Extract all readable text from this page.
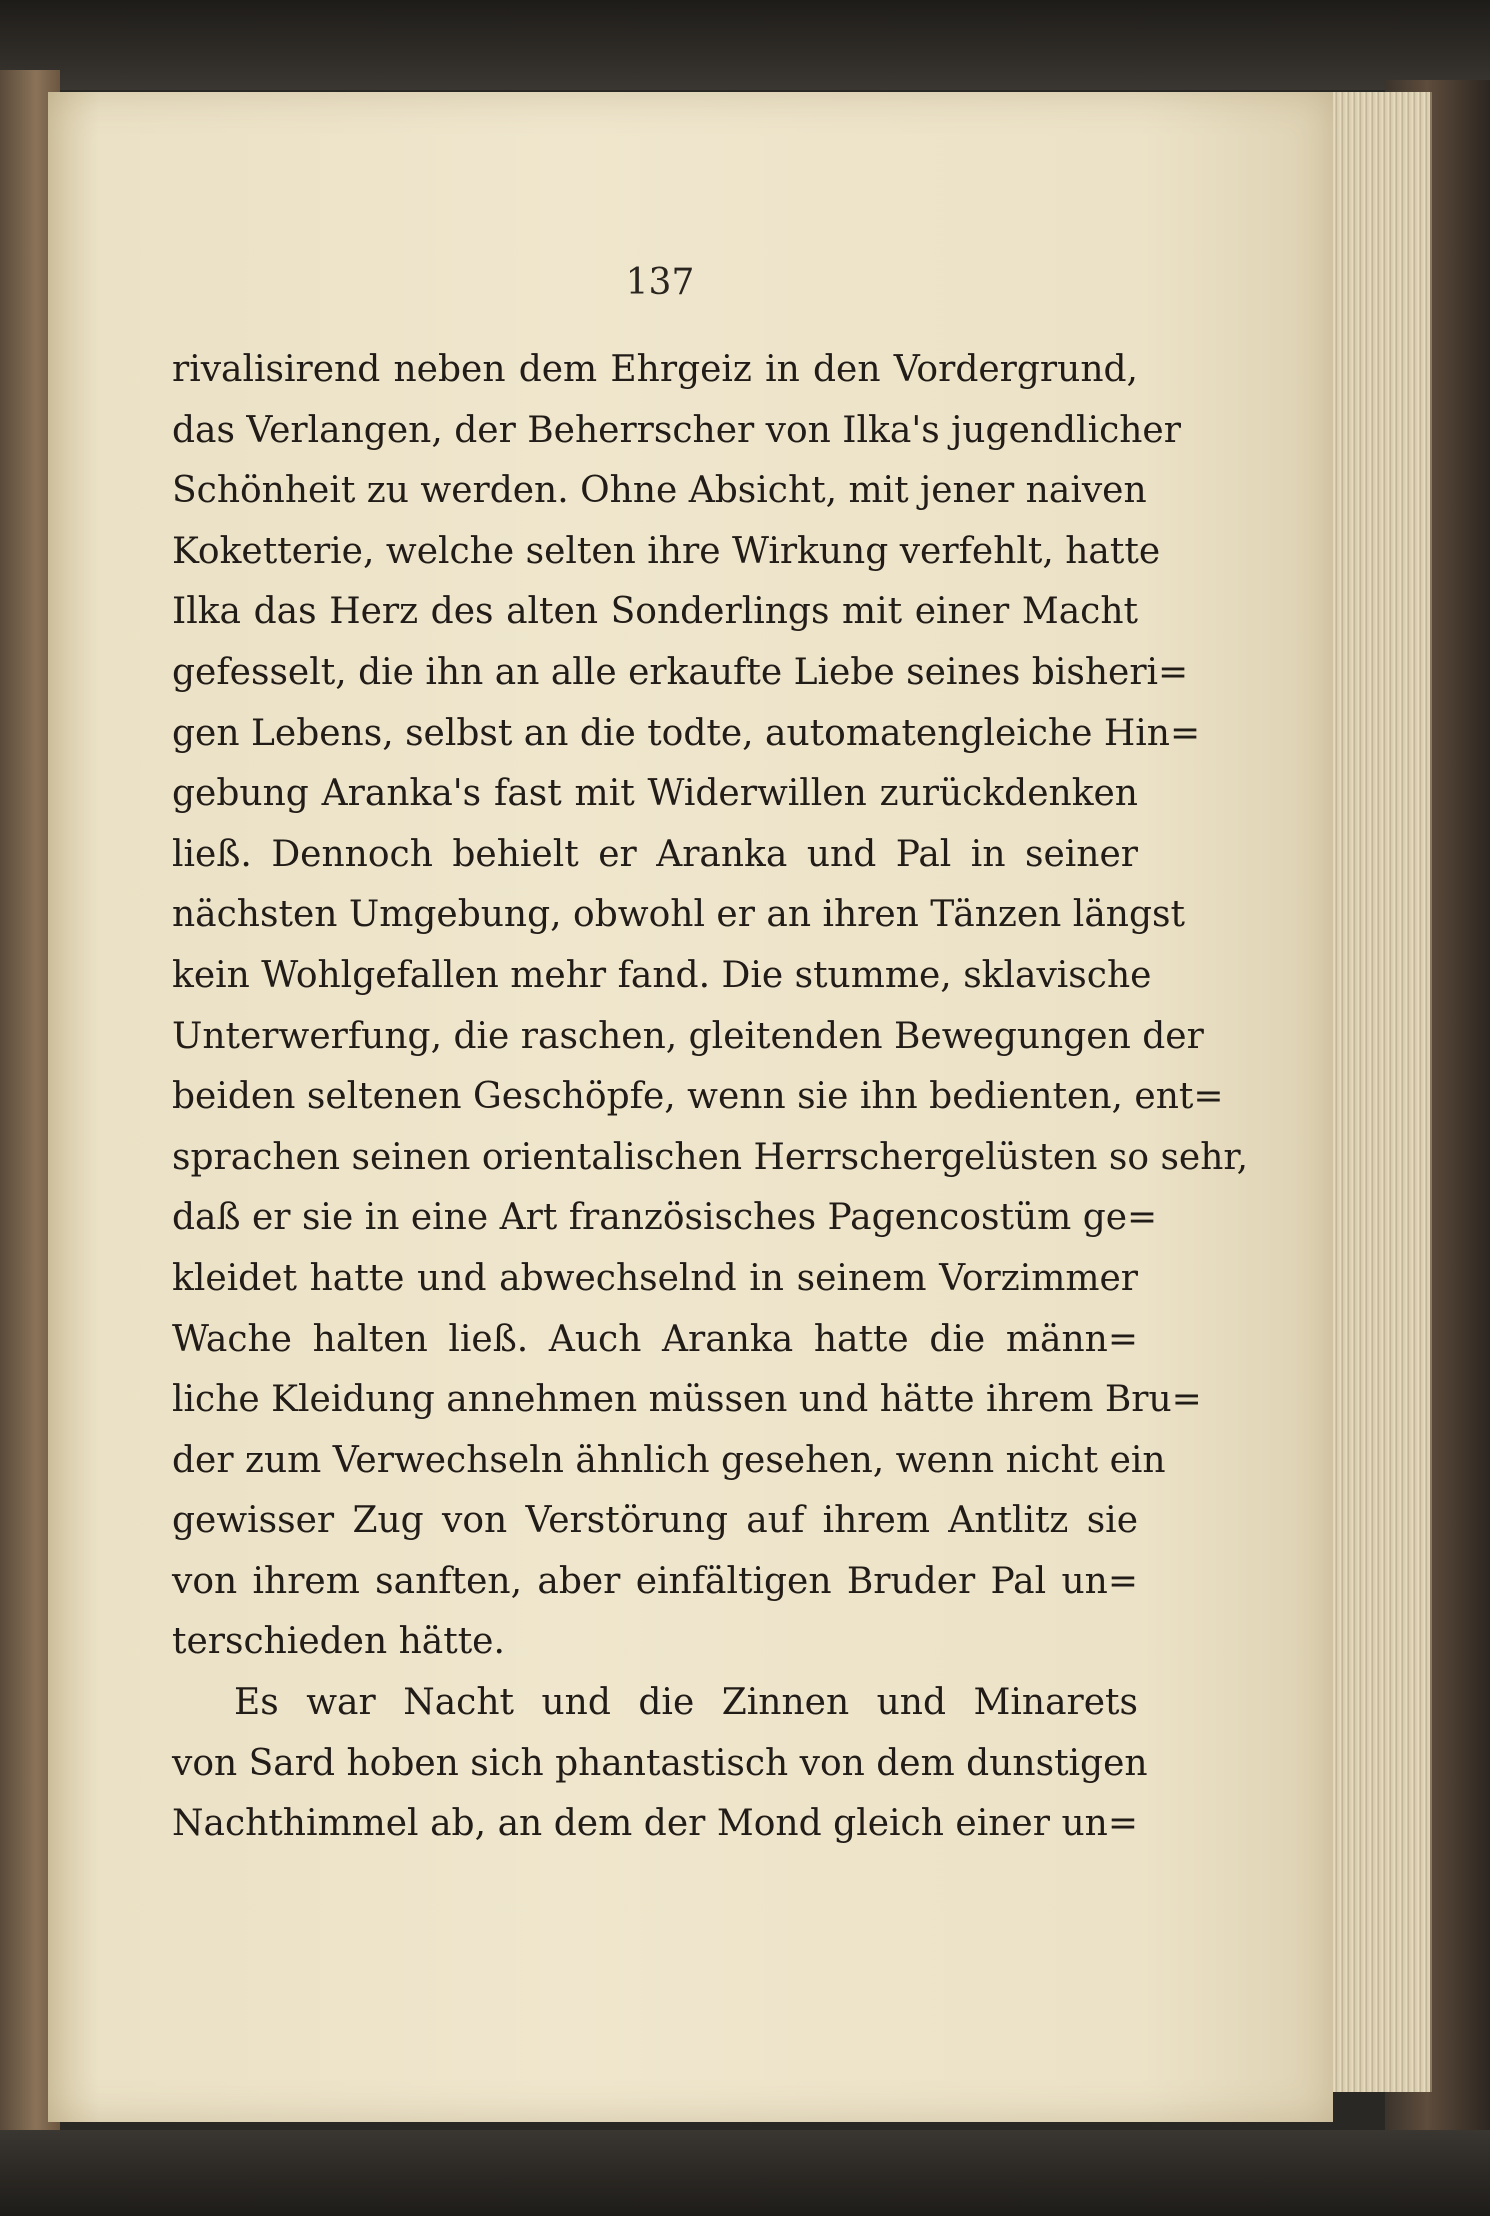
137
rivalisirend neben dem Ehrgeiz in den Vordergrund,
das Verlangen, der Beherrscher von Ilka's jugendlicher
Schönheit zu werden. Ohne Absicht, mit jener naiven
Koketterie, welche selten ihre Wirkung verfehlt, hatte
Ilka das Herz des alten Sonderlings mit einer Macht
gefesselt, die ihn an alle erkaufte Liebe seines bisheri=
gen Lebens, selbst an die todte, automatengleiche Hin=
gebung Aranka's fast mit Widerwillen zurückdenken
ließ. Dennoch behielt er Aranka und Pal in seiner
nächsten Umgebung, obwohl er an ihren Tänzen längst
kein Wohlgefallen mehr fand. Die stumme, sklavische
Unterwerfung, die raschen, gleitenden Bewegungen der
beiden seltenen Geschöpfe, wenn sie ihn bedienten, ent=
sprachen seinen orientalischen Herrschergelüsten so sehr,
daß er sie in eine Art französisches Pagencostüm ge=
kleidet hatte und abwechselnd in seinem Vorzimmer
Wache halten ließ. Auch Aranka hatte die männ=
liche Kleidung annehmen müssen und hätte ihrem Bru=
der zum Verwechseln ähnlich gesehen, wenn nicht ein
gewisser Zug von Verstörung auf ihrem Antlitz sie
von ihrem sanften, aber einfältigen Bruder Pal un=
terschieden hätte.
Es war Nacht und die Zinnen und Minarets
von Sard hoben sich phantastisch von dem dunstigen
Nachthimmel ab, an dem der Mond gleich einer un=
